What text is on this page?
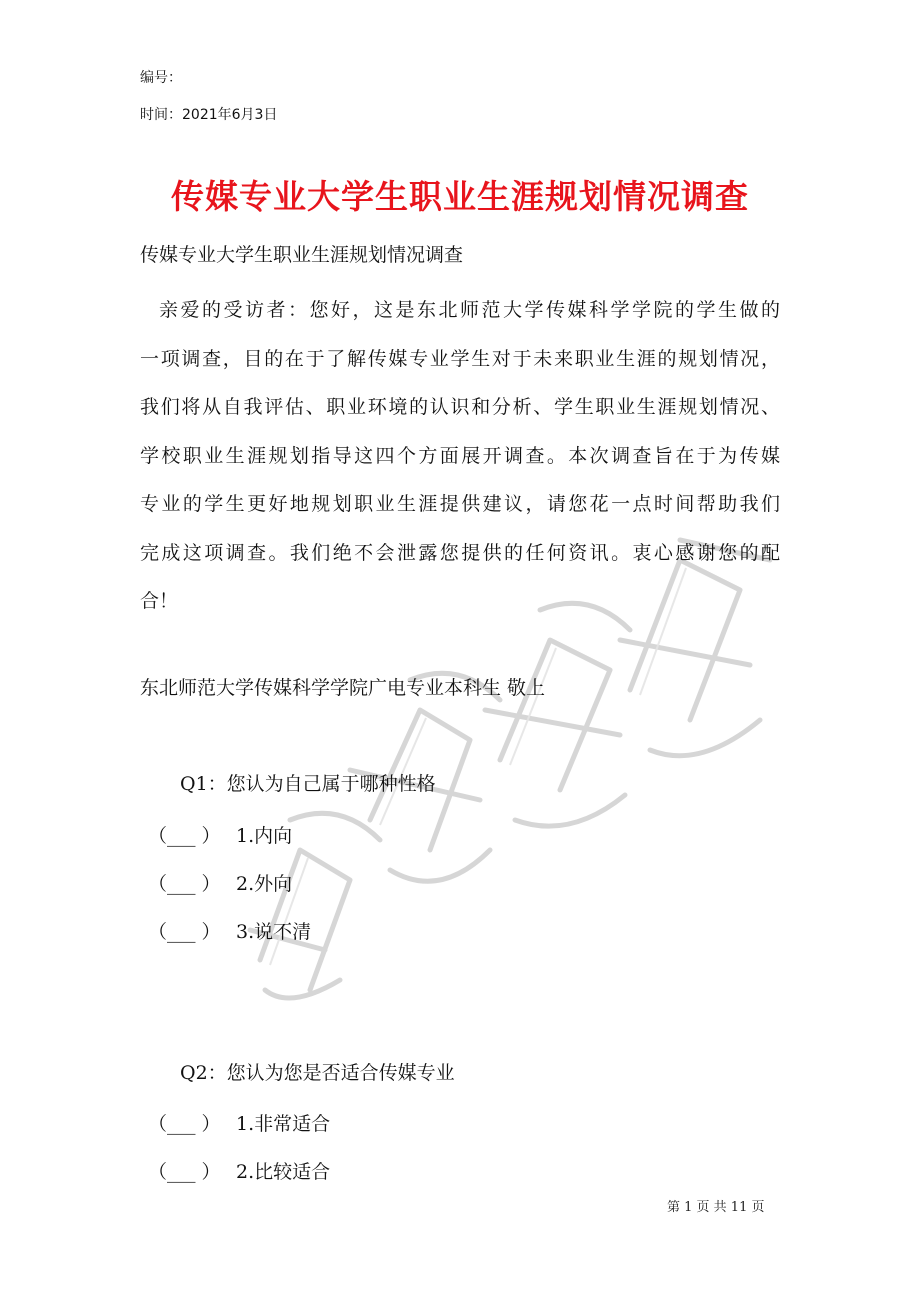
编号：
时间：2021年6月3日
传媒专业大学生职业生涯规划情况调查
传媒专业大学生职业生涯规划情况调查
亲爱的受访者：您好，这是东北师范大学传媒科学学院的学生做的
一项调查，目的在于了解传媒专业学生对于未来职业生涯的规划情况，
我们将从自我评估、职业环境的认识和分析、学生职业生涯规划情况、
学校职业生涯规划指导这四个方面展开调查。本次调查旨在于为传媒
专业的学生更好地规划职业生涯提供建议，请您花一点时间帮助我们
完成这项调查。我们绝不会泄露您提供的任何资讯。衷心感谢您的配
合！
东北师范大学传媒科学学院广电专业本科生 敬上
Q1：您认为自己属于哪种性格
（___ ） 1.内向
（___ ） 2.外向
（___ ） 3.说不清
Q2：您认为您是否适合传媒专业
（___ ） 1.非常适合
（___ ） 2.比较适合
第 1 页 共 11 页
